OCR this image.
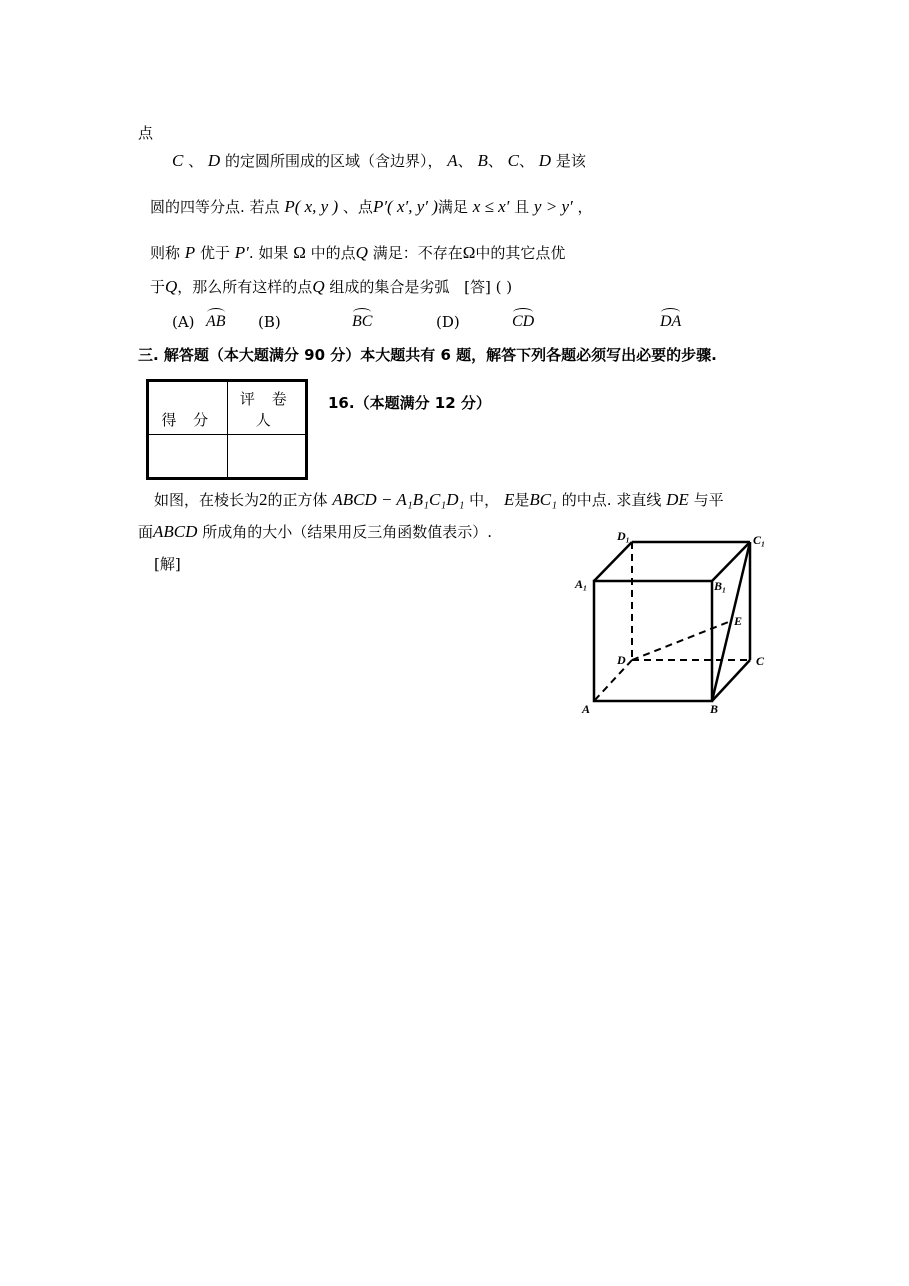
点
C 、 D 的定圆所围成的区域（含边界）， A、 B、 C、 D 是该
圆的四等分点. 若点 P( x, y ) 、点P′( x′, y′ )满足 x ≤ x′ 且 y > y′ ，
则称 P 优于 P′. 如果 Ω 中的点Q 满足：不存在Ω中的其它点优
于Q，那么所有这样的点Q 组成的集合是劣弧 [答] ( )
(A) AB (B)	BC	(D)	CD	DA
三. 解答题（本大题满分 90 分）本大题共有 6 题，解答下列各题必须写出必要的步骤.
得 分	评 卷 人

16.（本题满分 12 分）
如图，在棱长为2的正方体 ABCD − A₁B₁C₁D₁ 中， E是BC₁ 的中点. 求直线 DE 与平
面ABCD 所成角的大小（结果用反三角函数值表示）.
[解]
D₁	C₁
A₁	B₁
E
D	C
A	B
